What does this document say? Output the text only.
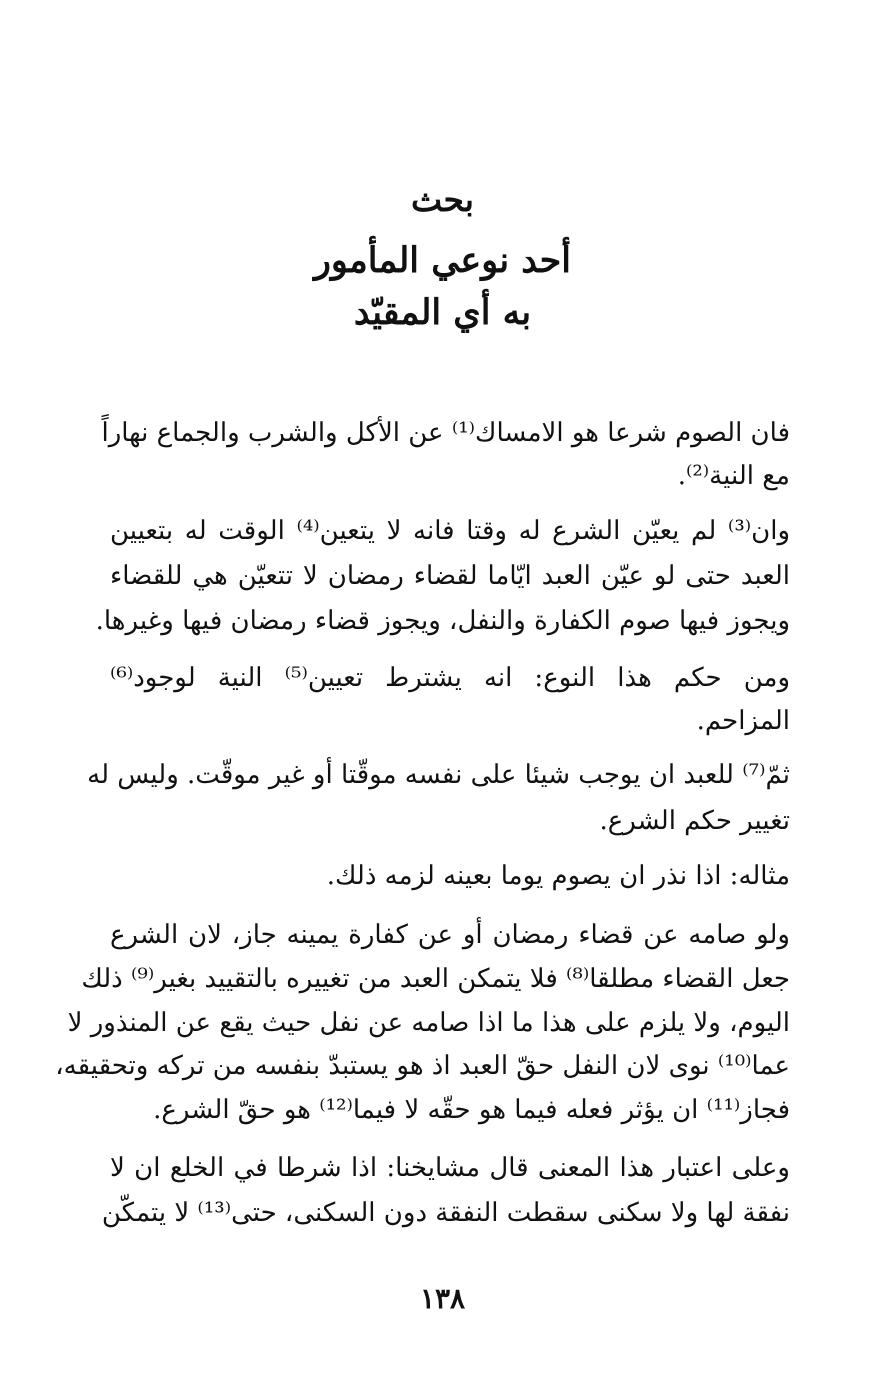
بحث
أحد نوعي المأمور
به أي المقيّد
فان الصوم شرعا هو الامساك⁽¹⁾ عن الأكل والشرب والجماع نهاراً
مع النية⁽²⁾.
وان⁽³⁾ لم يعيّن الشرع له وقتا فانه لا يتعين⁽⁴⁾ الوقت له بتعيين
العبد حتى لو عيّن العبد ايّاما لقضاء رمضان لا تتعيّن هي للقضاء
ويجوز فيها صوم الكفارة والنفل، ويجوز قضاء رمضان فيها وغيرها.
ومن حكم هذا النوع: انه يشترط تعيين⁽⁵⁾ النية لوجود⁽⁶⁾
المزاحم.
ثمّ⁽⁷⁾ للعبد ان يوجب شيئا على نفسه موقّتا أو غير موقّت. وليس له
تغيير حكم الشرع.
مثاله: اذا نذر ان يصوم يوما بعينه لزمه ذلك.
ولو صامه عن قضاء رمضان أو عن كفارة يمينه جاز، لان الشرع
جعل القضاء مطلقا⁽⁸⁾ فلا يتمكن العبد من تغييره بالتقييد بغير⁽⁹⁾ ذلك
اليوم، ولا يلزم على هذا ما اذا صامه عن نفل حيث يقع عن المنذور لا
عما⁽¹⁰⁾ نوى لان النفل حقّ العبد اذ هو يستبدّ بنفسه من تركه وتحقيقه،
فجاز⁽¹¹⁾ ان يؤثر فعله فيما هو حقّه لا فيما⁽¹²⁾ هو حقّ الشرع.
وعلى اعتبار هذا المعنى قال مشايخنا: اذا شرطا في الخلع ان لا
نفقة لها ولا سكنى سقطت النفقة دون السكنى، حتى⁽¹³⁾ لا يتمكّن
١٣٨
